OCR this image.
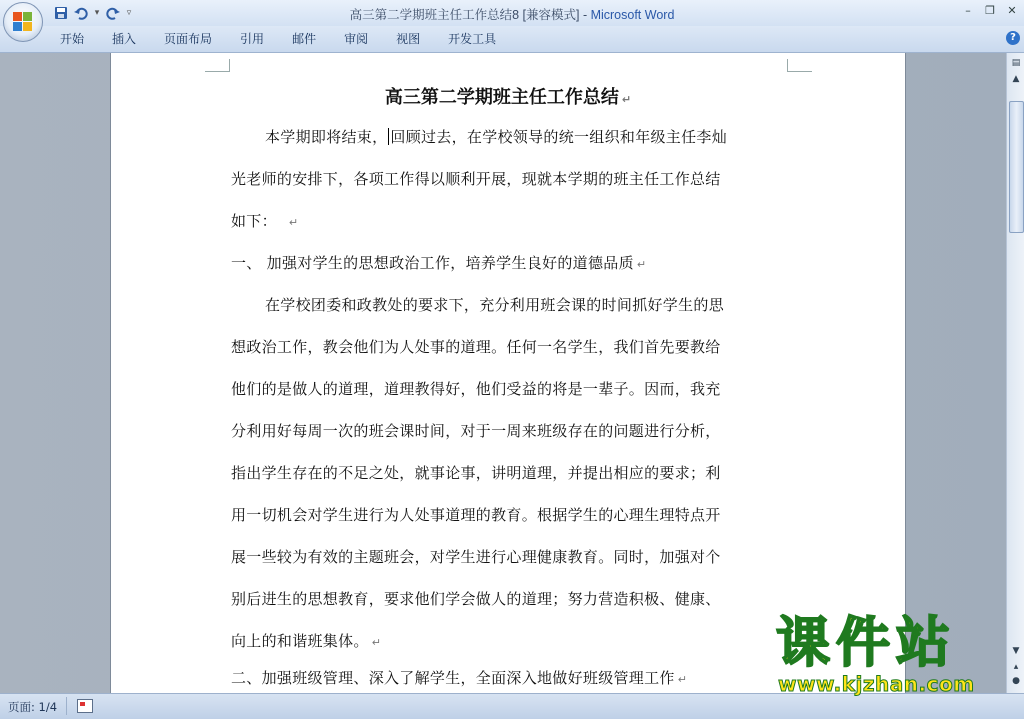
▾	▿	高三第二学期班主任工作总结8 [兼容模式] - Microsoft Word	–	❐	✕
开始	插入	页面布局	引用	邮件	审阅	视图	开发工具	?
高三第二学期班主任工作总结 ↵
本学期即将结束， 回顾过去，在学校领导的统一组织和年级主任李灿
光老师的安排下，各项工作得以顺利开展，现就本学期的班主任工作总结
如下： ↵
一、 加强对学生的思想政治工作，培养学生良好的道德品质 ↵
在学校团委和政教处的要求下，充分利用班会课的时间抓好学生的思
想政治工作，教会他们为人处事的道理。任何一名学生，我们首先要教给
他们的是做人的道理，道理教得好，他们受益的将是一辈子。因而，我充
分利用好每周一次的班会课时间，对于一周来班级存在的问题进行分析，
指出学生存在的不足之处，就事论事，讲明道理，并提出相应的要求；利
用一切机会对学生进行为人处事道理的教育。根据学生的心理生理特点开
展一些较为有效的主题班会，对学生进行心理健康教育。同时，加强对个
别后进生的思想教育，要求他们学会做人的道理；努力营造积极、健康、
向上的和谐班集体。 ↵
二、加强班级管理、深入了解学生，全面深入地做好班级管理工作 ↵
▤
▲
▼
▴
●
页面: 1/4
课件站
www.kjzhan.com
